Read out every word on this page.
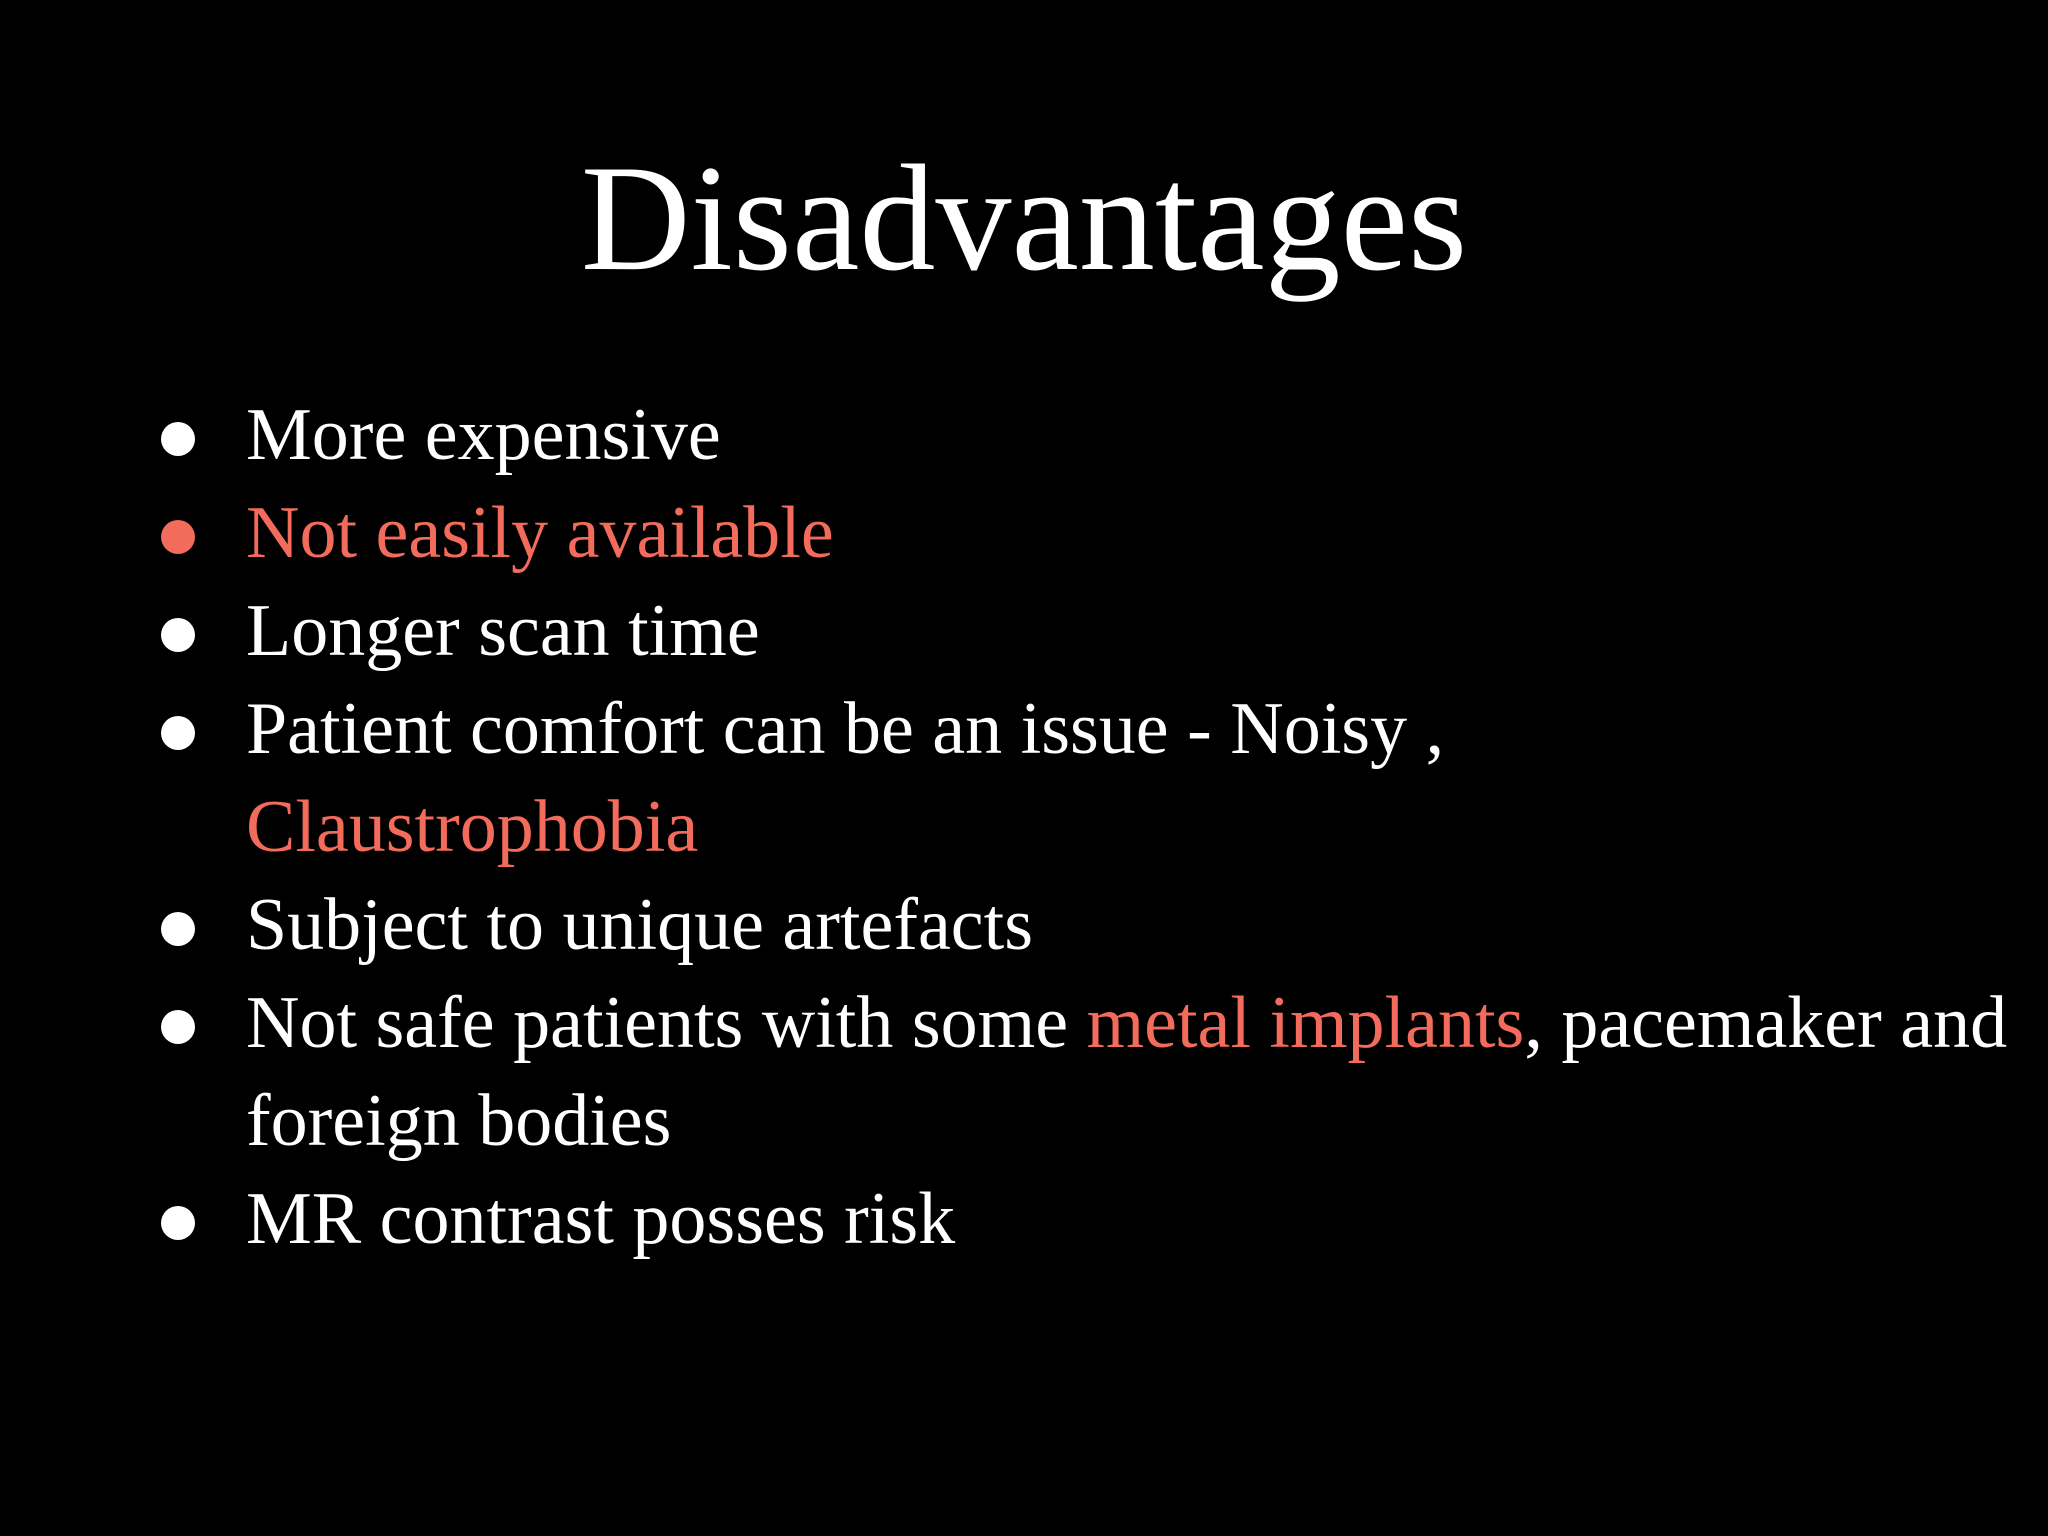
Disadvantages
More expensive
Not easily available
Longer scan time
Patient comfort can be an issue - Noisy ,
Claustrophobia
Subject to unique artefacts
Not safe patients with some metal implants, pacemaker and foreign bodies
MR contrast posses risk
